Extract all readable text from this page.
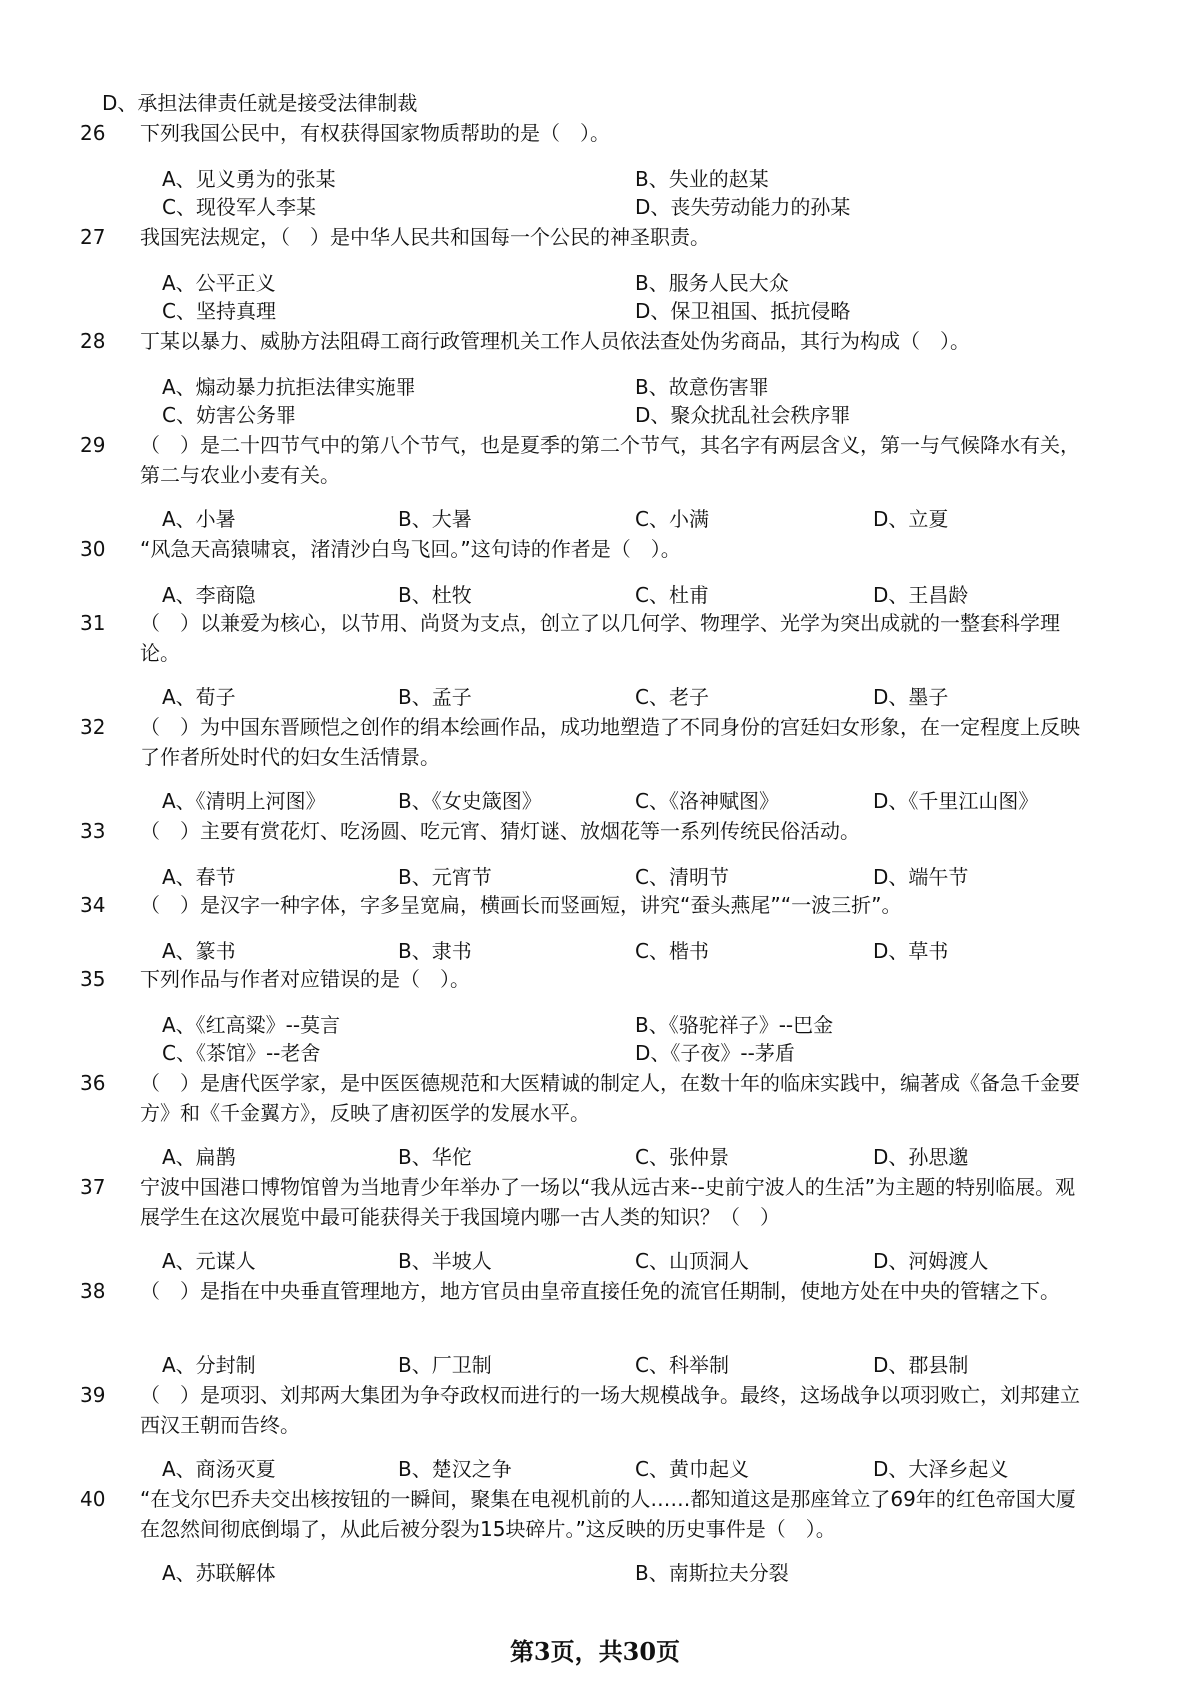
D、承担法律责任就是接受法律制裁
26	下列我国公民中，有权获得国家物质帮助的是（　）。
A、见义勇为的张某	B、失业的赵某
C、现役军人李某	D、丧失劳动能力的孙某
27	我国宪法规定，（　）是中华人民共和国每一个公民的神圣职责。
A、公平正义	B、服务人民大众
C、坚持真理	D、保卫祖国、抵抗侵略
28	丁某以暴力、威胁方法阻碍工商行政管理机关工作人员依法查处伪劣商品，其行为构成（　）。
A、煽动暴力抗拒法律实施罪	B、故意伤害罪
C、妨害公务罪	D、聚众扰乱社会秩序罪
29	（　）是二十四节气中的第八个节气，也是夏季的第二个节气，其名字有两层含义，第一与气候降水有关，第二与农业小麦有关。
A、小暑	B、大暑	C、小满	D、立夏
30	“风急天高猿啸哀，渚清沙白鸟飞回。”这句诗的作者是（　）。
A、李商隐	B、杜牧	C、杜甫	D、王昌龄
31	（　）以兼爱为核心，以节用、尚贤为支点，创立了以几何学、物理学、光学为突出成就的一整套科学理论。
A、荀子	B、孟子	C、老子	D、墨子
32	（　）为中国东晋顾恺之创作的绢本绘画作品，成功地塑造了不同身份的宫廷妇女形象，在一定程度上反映了作者所处时代的妇女生活情景。
A、《清明上河图》	B、《女史箴图》	C、《洛神赋图》	D、《千里江山图》
33	（　）主要有赏花灯、吃汤圆、吃元宵、猜灯谜、放烟花等一系列传统民俗活动。
A、春节	B、元宵节	C、清明节	D、端午节
34	（　）是汉字一种字体，字多呈宽扁，横画长而竖画短，讲究“蚕头燕尾”“一波三折”。
A、篆书	B、隶书	C、楷书	D、草书
35	下列作品与作者对应错误的是（　）。
A、《红高粱》--莫言	B、《骆驼祥子》--巴金
C、《茶馆》--老舍	D、《子夜》--茅盾
36	（　）是唐代医学家，是中医医德规范和大医精诚的制定人，在数十年的临床实践中，编著成《备急千金要方》和《千金翼方》，反映了唐初医学的发展水平。
A、扁鹊	B、华佗	C、张仲景	D、孙思邈
37	宁波中国港口博物馆曾为当地青少年举办了一场以“我从远古来--史前宁波人的生活”为主题的特别临展。观展学生在这次展览中最可能获得关于我国境内哪一古人类的知识？（　）
A、元谋人	B、半坡人	C、山顶洞人	D、河姆渡人
38	（　）是指在中央垂直管理地方，地方官员由皇帝直接任免的流官任期制，使地方处在中央的管辖之下。
A、分封制	B、厂卫制	C、科举制	D、郡县制
39	（　）是项羽、刘邦两大集团为争夺政权而进行的一场大规模战争。最终，这场战争以项羽败亡，刘邦建立西汉王朝而告终。
A、商汤灭夏	B、楚汉之争	C、黄巾起义	D、大泽乡起义
40	“在戈尔巴乔夫交出核按钮的一瞬间，聚集在电视机前的人……都知道这是那座耸立了69年的红色帝国大厦在忽然间彻底倒塌了，从此后被分裂为15块碎片。”这反映的历史事件是（　）。
A、苏联解体	B、南斯拉夫分裂
第3页，共30页
